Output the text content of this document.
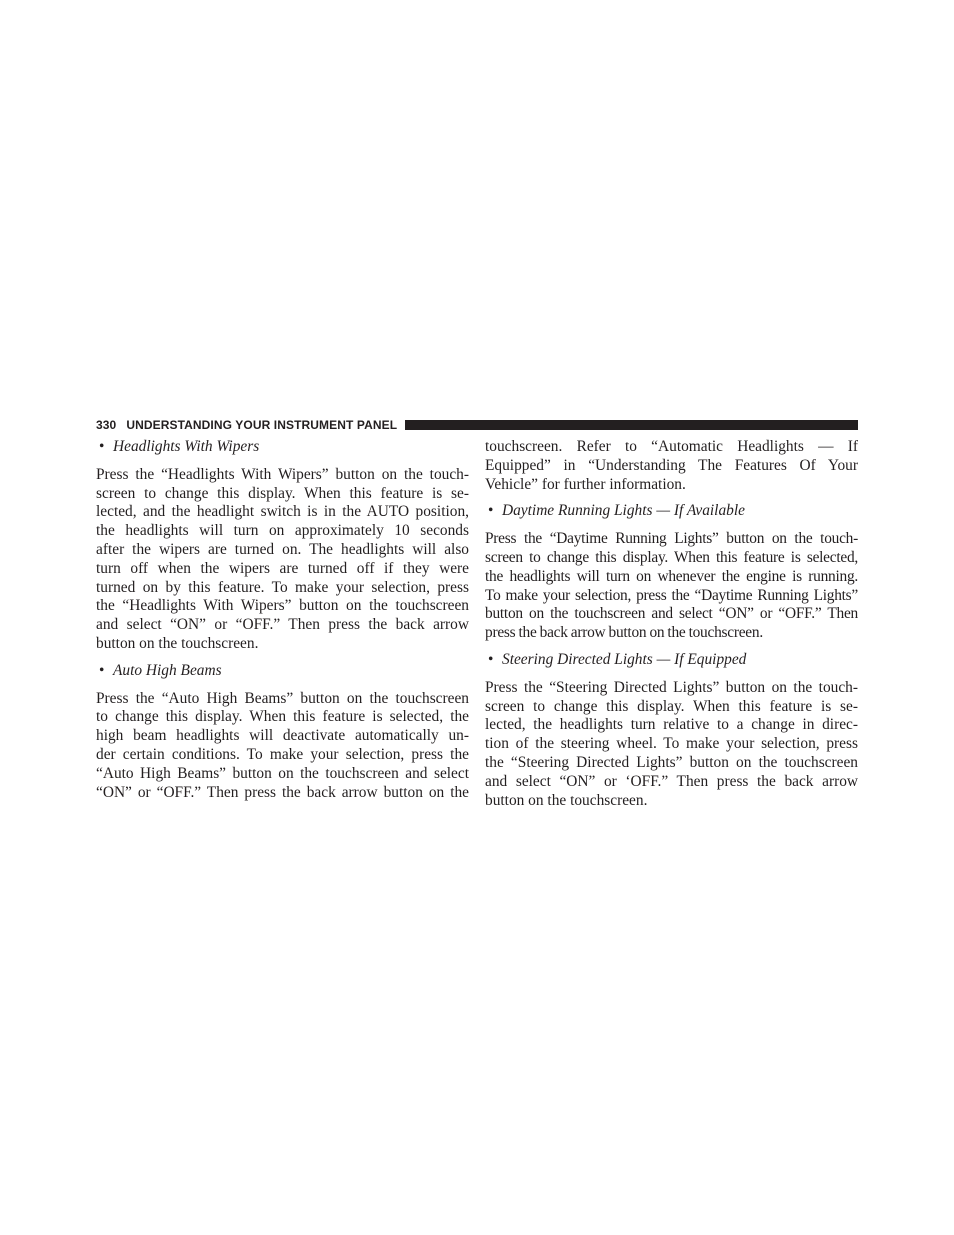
330 UNDERSTANDING YOUR INSTRUMENT PANEL

• Headlights With Wipers

Press the “Headlights With Wipers” button on the touch-
screen to change this display. When this feature is se-
lected, and the headlight switch is in the AUTO position,
the headlights will turn on approximately 10 seconds
after the wipers are turned on. The headlights will also
turn off when the wipers are turned off if they were
turned on by this feature. To make your selection, press
the “Headlights With Wipers” button on the touchscreen
and select “ON” or “OFF.” Then press the back arrow
button on the touchscreen.

• Auto High Beams

Press the “Auto High Beams” button on the touchscreen
to change this display. When this feature is selected, the
high beam headlights will deactivate automatically un-
der certain conditions. To make your selection, press the
“Auto High Beams” button on the touchscreen and select
“ON” or “OFF.” Then press the back arrow button on the

touchscreen. Refer to “Automatic Headlights — If
Equipped” in “Understanding The Features Of Your
Vehicle” for further information.

• Daytime Running Lights — If Available

Press the “Daytime Running Lights” button on the touch-
screen to change this display. When this feature is selected,
the headlights will turn on whenever the engine is running.
To make your selection, press the “Daytime Running Lights”
button on the touchscreen and select “ON” or “OFF.” Then
press the back arrow button on the touchscreen.

• Steering Directed Lights — If Equipped

Press the “Steering Directed Lights” button on the touch-
screen to change this display. When this feature is se-
lected, the headlights turn relative to a change in direc-
tion of the steering wheel. To make your selection, press
the “Steering Directed Lights” button on the touchscreen
and select “ON” or ‘OFF.” Then press the back arrow
button on the touchscreen.
